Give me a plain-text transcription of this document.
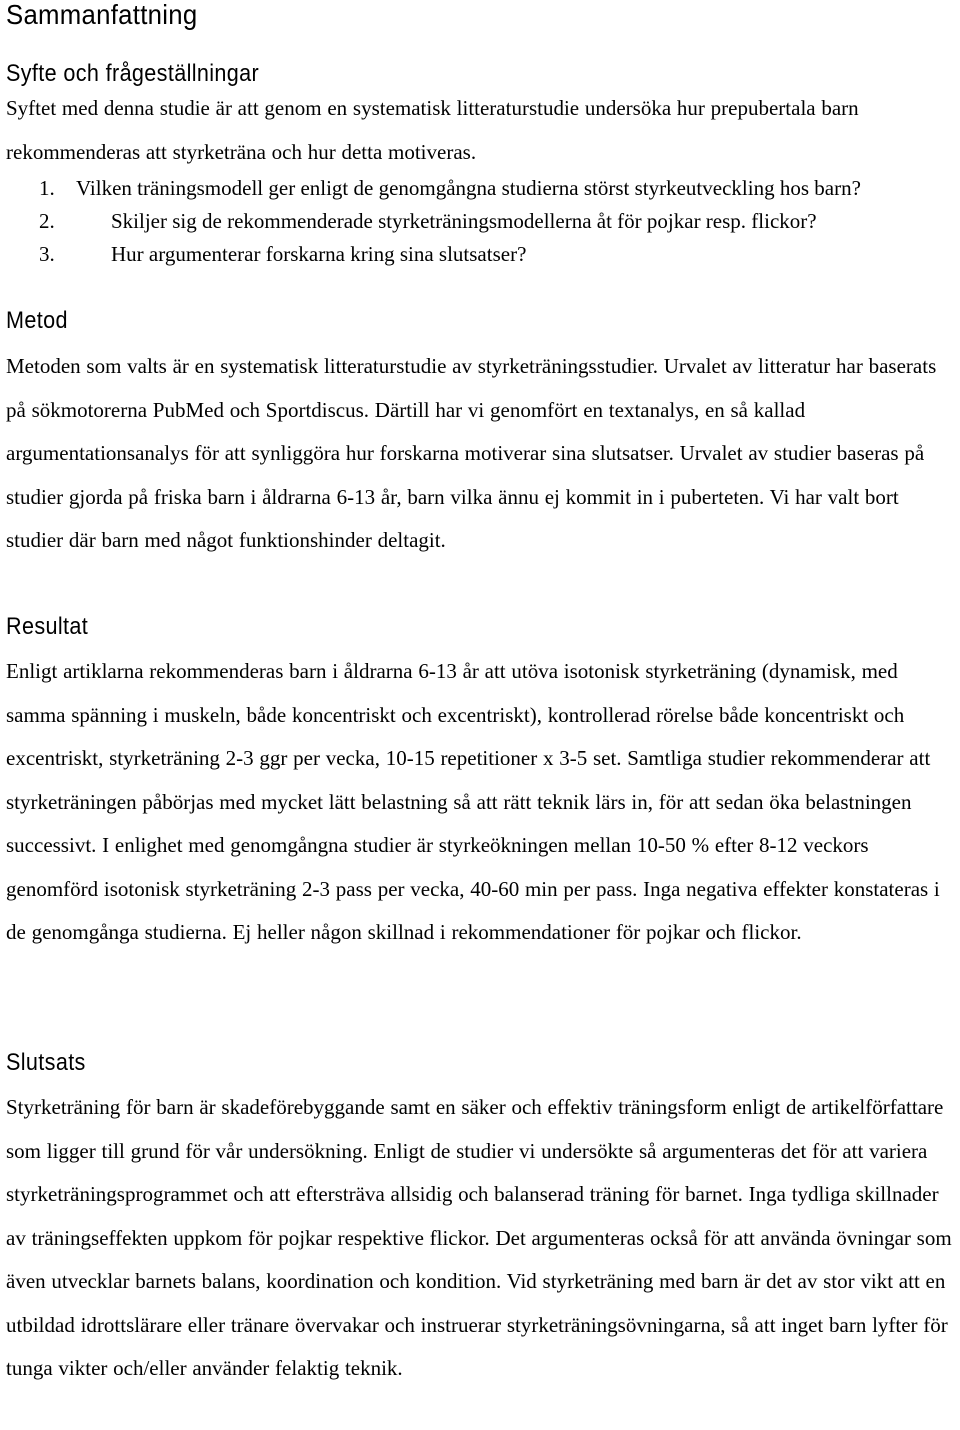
Sammanfattning
Syfte och frågeställningar

Syftet med denna studie är att genom en systematisk litteraturstudie undersöka hur prepubertala barn rekommenderas att styrketräna och hur detta motiveras.

1.	Vilken träningsmodell ger enligt de genomgångna studierna störst styrkeutveckling hos barn?
2.	Skiljer sig de rekommenderade styrketräningsmodellerna åt för pojkar resp. flickor?
3.	Hur argumenterar forskarna kring sina slutsatser?
Metod

Metoden som valts är en systematisk litteraturstudie av styrketräningsstudier. Urvalet av litteratur har baserats på sökmotorerna PubMed och Sportdiscus. Därtill har vi genomfört en textanalys, en så kallad argumentationsanalys för att synliggöra hur forskarna motiverar sina slutsatser. Urvalet av studier baseras på studier gjorda på friska barn i åldrarna 6-13 år, barn vilka ännu ej kommit in i puberteten. Vi har valt bort studier där barn med något funktionshinder deltagit.

Resultat

Enligt artiklarna rekommenderas barn i åldrarna 6-13 år att utöva isotonisk styrketräning (dynamisk, med samma spänning i muskeln, både koncentriskt och excentriskt), kontrollerad rörelse både koncentriskt och excentriskt, styrketräning 2-3 ggr per vecka, 10-15 repetitioner x 3-5 set. Samtliga studier rekommenderar att styrketräningen påbörjas med mycket lätt belastning så att rätt teknik lärs in, för att sedan öka belastningen successivt. I enlighet med genomgångna studier är styrkeökningen mellan 10-50 % efter 8-12 veckors genomförd isotonisk styrketräning 2-3 pass per vecka, 40-60 min per pass. Inga negativa effekter konstateras i de genomgånga studierna. Ej heller någon skillnad i rekommendationer för pojkar och flickor.

Slutsats

Styrketräning för barn är skadeförebyggande samt en säker och effektiv träningsform enligt de artikelförfattare som ligger till grund för vår undersökning. Enligt de studier vi undersökte så argumenteras det för att variera styrketräningsprogrammet och att eftersträva allsidig och balanserad träning för barnet. Inga tydliga skillnader av träningseffekten uppkom för pojkar respektive flickor. Det argumenteras också för att använda övningar som även utvecklar barnets balans, koordination och kondition. Vid styrketräning med barn är det av stor vikt att en utbildad idrottslärare eller tränare övervakar och instruerar styrketräningsövningarna, så att inget barn lyfter för tunga vikter och/eller använder felaktig teknik.
